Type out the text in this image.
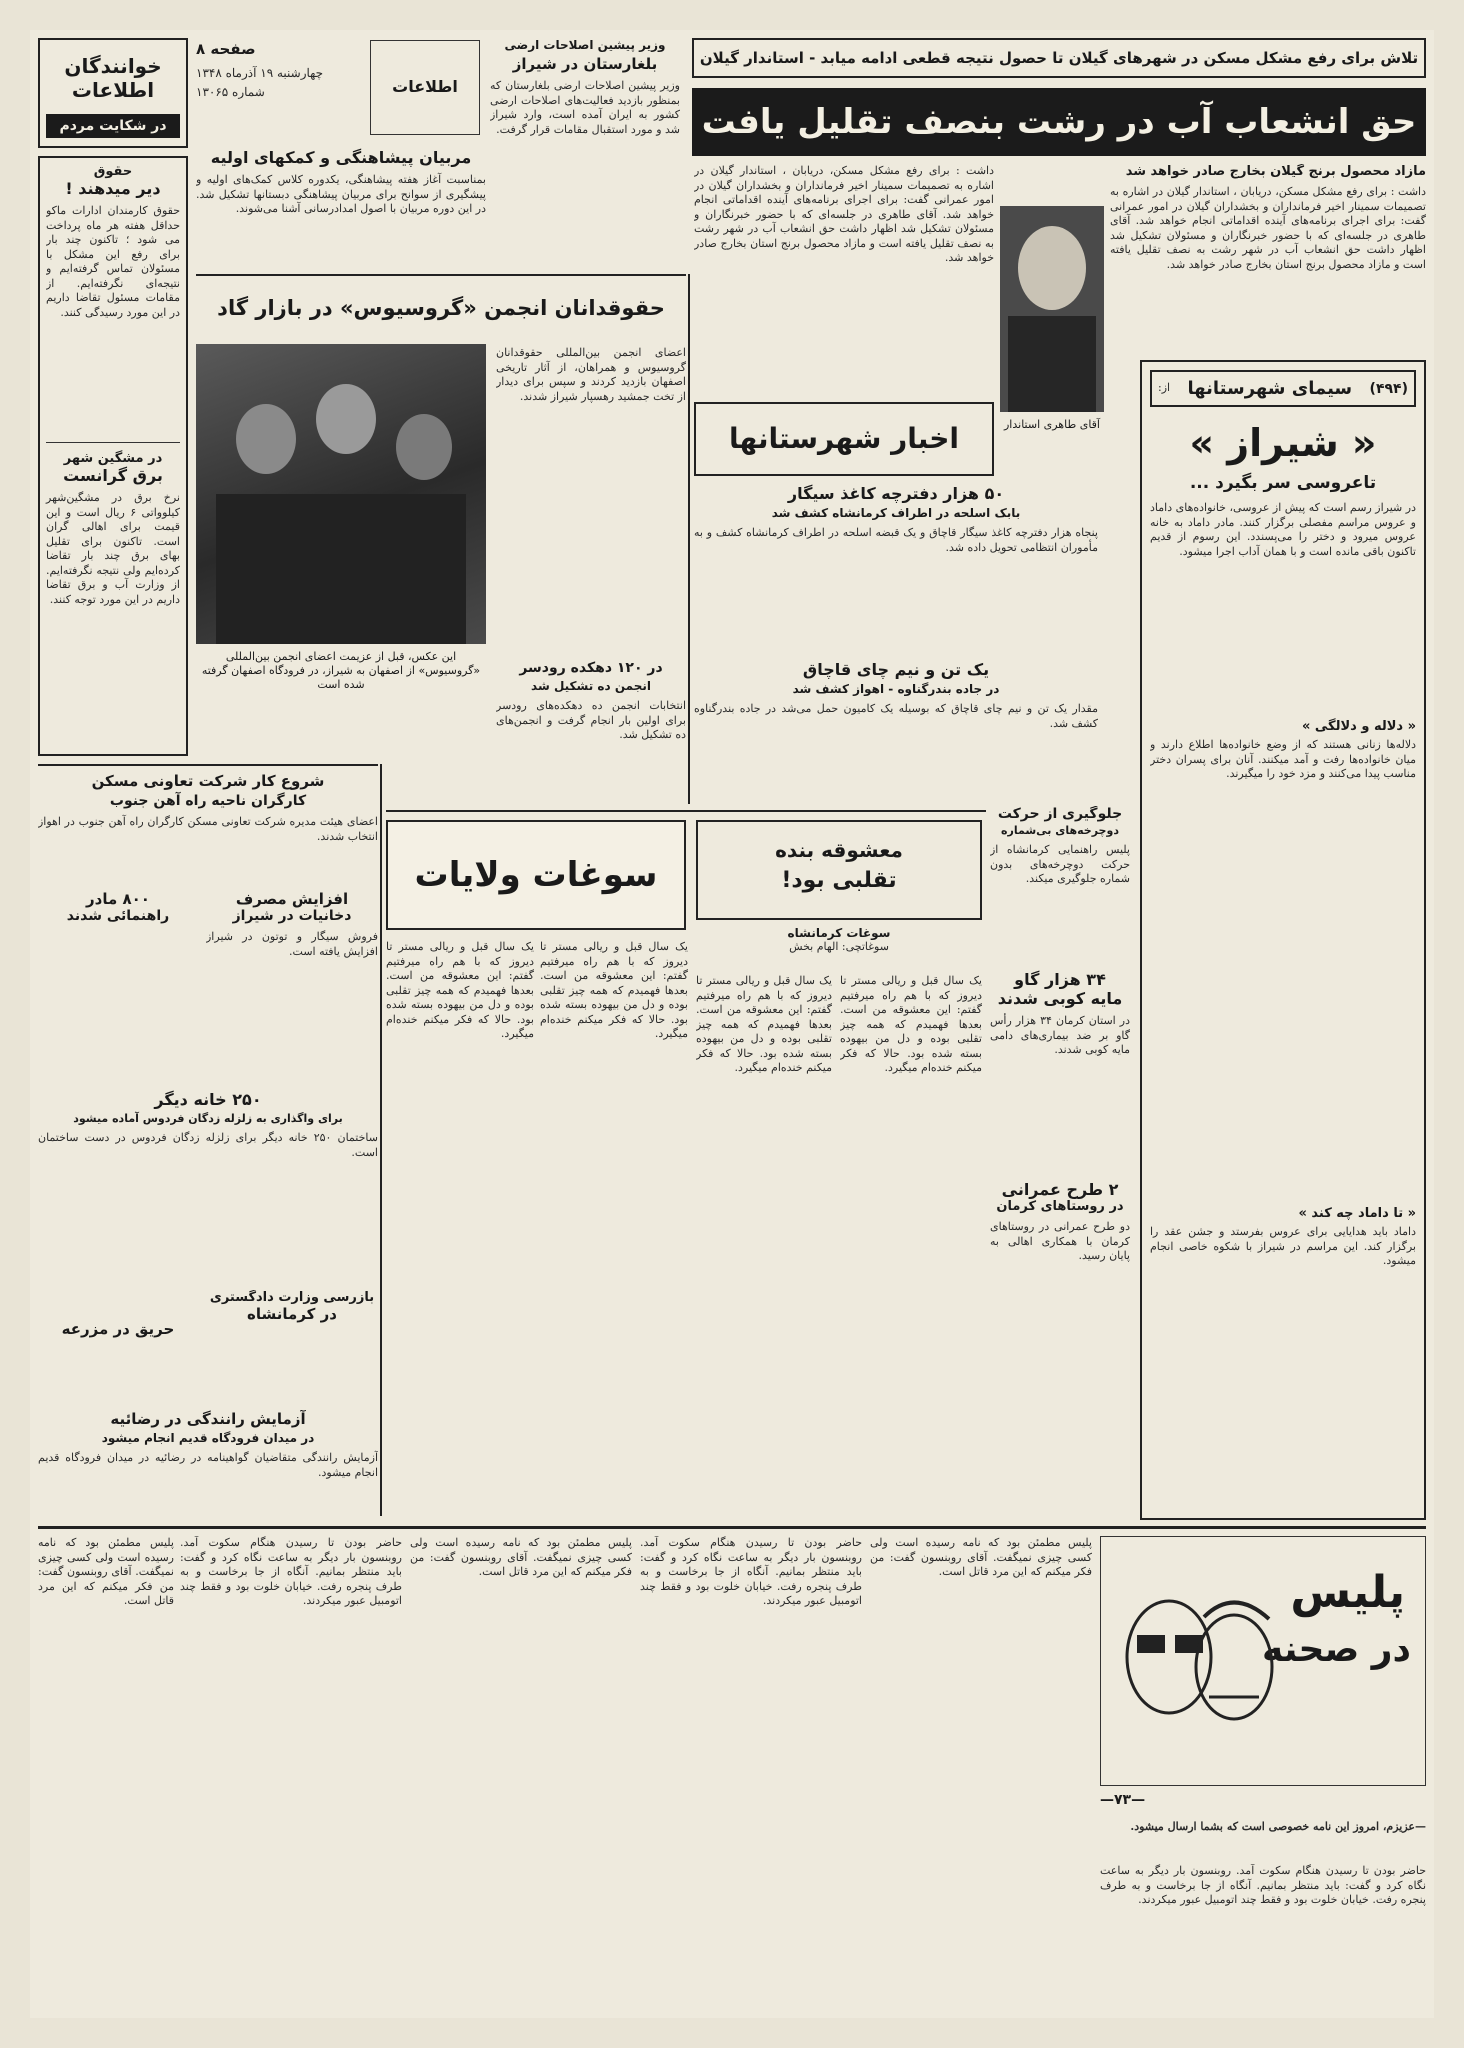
خوانندگان اطلاعات
در شکایت مردم
صفحه ۸
چهارشنبه ۱۹ آذرماه ۱۳۴۸
شماره ۱۳۰۶۵	اطلاعات
وزیر پیشین اصلاحات ارضی
بلغارستان در شیراز
وزیر پیشین اصلاحات ارضی بلغارستان که بمنظور بازدید فعالیت‌های اصلاحات ارضی کشور به ایران آمده است، وارد شیراز شد و مورد استقبال مقامات قرار گرفت.
تلاش برای رفع مشکل مسکن در شهرهای گیلان تا حصول نتیجه قطعی ادامه میابد - استاندار گیلان
حق انشعاب آب در رشت بنصف تقلیل یافت
مربیان پیشاهنگی و کمکهای اولیه
بمناسبت آغاز هفته پیشاهنگی، یکدوره کلاس کمک‌های اولیه و پیشگیری از سوانح برای مربیان پیشاهنگی دبستانها تشکیل شد. در این دوره مربیان با اصول امدادرسانی آشنا می‌شوند.
حقوق
دیر میدهند !
حقوق کارمندان ادارات ماکو حداقل هفته هر ماه پرداخت می شود ؛ تاکنون چند بار برای رفع این مشکل با مسئولان تماس گرفته‌ایم و نتیجه‌ای نگرفته‌ایم. از مقامات مسئول تقاضا داریم در این مورد رسیدگی کنند.
در مشگین شهر
برق گرانست
نرخ برق در مشگین‌شهر کیلوواتی ۶ ریال است و این قیمت برای اهالی گران است. تاکنون برای تقلیل بهای برق چند بار تقاضا کرده‌ایم ولی نتیجه نگرفته‌ایم. از وزارت آب و برق تقاضا داریم در این مورد توجه کنند.
حقوقدانان انجمن «گروسیوس» در بازار گاد
این عکس، قبل از عزیمت اعضای انجمن بین‌المللی «گروسیوس» از اصفهان به شیراز، در فرودگاه اصفهان گرفته شده است
اعضای انجمن بین‌المللی حقوقدانان گروسیوس و همراهان، از آثار تاریخی اصفهان بازدید کردند و سپس برای دیدار از تخت جمشید رهسپار شیراز شدند.
مازاد محصول برنج گیلان بخارج صادر خواهد شد
داشت : برای رفع مشکل مسکن، دریابان ، استاندار گیلان در اشاره به تصمیمات سمینار اخیر فرمانداران و بخشداران گیلان در امور عمرانی گفت: برای اجرای برنامه‌های آینده اقداماتی انجام خواهد شد. آقای طاهری در جلسه‌ای که با حضور خبرنگاران و مسئولان تشکیل شد اظهار داشت حق انشعاب آب در شهر رشت به نصف تقلیل یافته است و مازاد محصول برنج استان بخارج صادر خواهد شد.
آقای طاهری استاندار
داشت : برای رفع مشکل مسکن، دریابان ، استاندار گیلان در اشاره به تصمیمات سمینار اخیر فرمانداران و بخشداران گیلان در امور عمرانی گفت: برای اجرای برنامه‌های آینده اقداماتی انجام خواهد شد. آقای طاهری در جلسه‌ای که با حضور خبرنگاران و مسئولان تشکیل شد اظهار داشت حق انشعاب آب در شهر رشت به نصف تقلیل یافته است و مازاد محصول برنج استان بخارج صادر خواهد شد.
اخبار شهرستانها
۵۰ هزار دفترچه کاغذ سیگار
بابک اسلحه در اطراف کرمانشاه کشف شد
پنجاه هزار دفترچه کاغذ سیگار قاچاق و یک قبضه اسلحه در اطراف کرمانشاه کشف و به مأموران انتظامی تحویل داده شد.
یک تن و نیم چای قاچاق
در جاده بندرگناوه - اهواز کشف شد
مقدار یک تن و نیم چای قاچاق که بوسیله یک کامیون حمل می‌شد در جاده بندرگناوه کشف شد.
در ۱۲۰ دهکده رودسر
انجمن ده تشکیل شد
انتخابات انجمن ده دهکده‌های رودسر برای اولین بار انجام گرفت و انجمن‌های ده تشکیل شد.
(۴۹۴)
سیمای شهرستانها
از:
« شیراز »
تاعروسی سر بگیرد ...
در شیراز رسم است که پیش از عروسی، خانواده‌های داماد و عروس مراسم مفصلی برگزار کنند. مادر داماد به خانه عروس میرود و دختر را می‌پسندد. این رسوم از قدیم تاکنون باقی مانده است و با همان آداب اجرا میشود.
« دلاله و دلالگی »
دلاله‌ها زنانی هستند که از وضع خانواده‌ها اطلاع دارند و میان خانواده‌ها رفت و آمد میکنند. آنان برای پسران دختر مناسب پیدا می‌کنند و مزد خود را میگیرند.
« تا داماد چه کند »
داماد باید هدایایی برای عروس بفرستد و جشن عقد را برگزار کند. این مراسم در شیراز با شکوه خاصی انجام میشود.
جلوگیری از حرکت
دوچرخه‌های بی‌شماره
پلیس راهنمایی کرمانشاه از حرکت دوچرخه‌های بدون شماره جلوگیری میکند.
۳۴ هزار گاو
مایه کوبی شدند
در استان کرمان ۳۴ هزار رأس گاو بر ضد بیماری‌های دامی مایه کوبی شدند.
۲ طرح عمرانی
در روستاهای کرمان
دو طرح عمرانی در روستاهای کرمان با همکاری اهالی به پایان رسید.
سوغات ولایات
معشوقه بنده
تقلبی بود!
سوغات کرمانشاه
سوغاتچی: الهام بخش
یک سال قبل و ریالی مستر تا دیروز که با هم راه میرفتیم گفتم: این معشوقه من است. بعدها فهمیدم که همه چیز تقلبی بوده و دل من بیهوده بسته شده بود. حالا که فکر میکنم خنده‌ام میگیرد.
یک سال قبل و ریالی مستر تا دیروز که با هم راه میرفتیم گفتم: این معشوقه من است. بعدها فهمیدم که همه چیز تقلبی بوده و دل من بیهوده بسته شده بود. حالا که فکر میکنم خنده‌ام میگیرد.
یک سال قبل و ریالی مستر تا دیروز که با هم راه میرفتیم گفتم: این معشوقه من است. بعدها فهمیدم که همه چیز تقلبی بوده و دل من بیهوده بسته شده بود. حالا که فکر میکنم خنده‌ام میگیرد.
یک سال قبل و ریالی مستر تا دیروز که با هم راه میرفتیم گفتم: این معشوقه من است. بعدها فهمیدم که همه چیز تقلبی بوده و دل من بیهوده بسته شده بود. حالا که فکر میکنم خنده‌ام میگیرد.
شروع کار شرکت تعاونی مسکن
کارگران ناحیه راه آهن جنوب
اعضای هیئت مدیره شرکت تعاونی مسکن کارگران راه آهن جنوب در اهواز انتخاب شدند.
۸۰۰ مادر
راهنمائی شدند
افزایش مصرف
دخانیات در شیراز
فروش سیگار و توتون در شیراز افزایش یافته است.
۲۵۰ خانه دیگر
برای واگذاری به زلزله زدگان فردوس آماده میشود
ساختمان ۲۵۰ خانه دیگر برای زلزله زدگان فردوس در دست ساختمان است.
بازرسی وزارت دادگستری
در کرمانشاه
حریق در مزرعه
آزمایش رانندگی در رضائیه
در میدان فرودگاه قدیم انجام میشود
آزمایش رانندگی متقاضیان گواهینامه در رضائیه در میدان فرودگاه قدیم انجام میشود.
پلیس
در صحنه
—۷۳—
—عزیزم، امروز این نامه خصوصی است که بشما ارسال میشود.
حاضر بودن تا رسیدن هنگام سکوت آمد. روبنسون بار دیگر به ساعت نگاه کرد و گفت: باید منتظر بمانیم. آنگاه از جا برخاست و به طرف پنجره رفت. خیابان خلوت بود و فقط چند اتومبیل عبور میکردند.
پلیس مطمئن بود که نامه رسیده است ولی کسی چیزی نمیگفت. آقای روبنسون گفت: من فکر میکنم که این مرد قاتل است.
حاضر بودن تا رسیدن هنگام سکوت آمد. روبنسون بار دیگر به ساعت نگاه کرد و گفت: باید منتظر بمانیم. آنگاه از جا برخاست و به طرف پنجره رفت. خیابان خلوت بود و فقط چند اتومبیل عبور میکردند.
پلیس مطمئن بود که نامه رسیده است ولی کسی چیزی نمیگفت. آقای روبنسون گفت: من فکر میکنم که این مرد قاتل است.
حاضر بودن تا رسیدن هنگام سکوت آمد. روبنسون بار دیگر به ساعت نگاه کرد و گفت: باید منتظر بمانیم. آنگاه از جا برخاست و به طرف پنجره رفت. خیابان خلوت بود و فقط چند اتومبیل عبور میکردند.
پلیس مطمئن بود که نامه رسیده است ولی کسی چیزی نمیگفت. آقای روبنسون گفت: من فکر میکنم که این مرد قاتل است.
